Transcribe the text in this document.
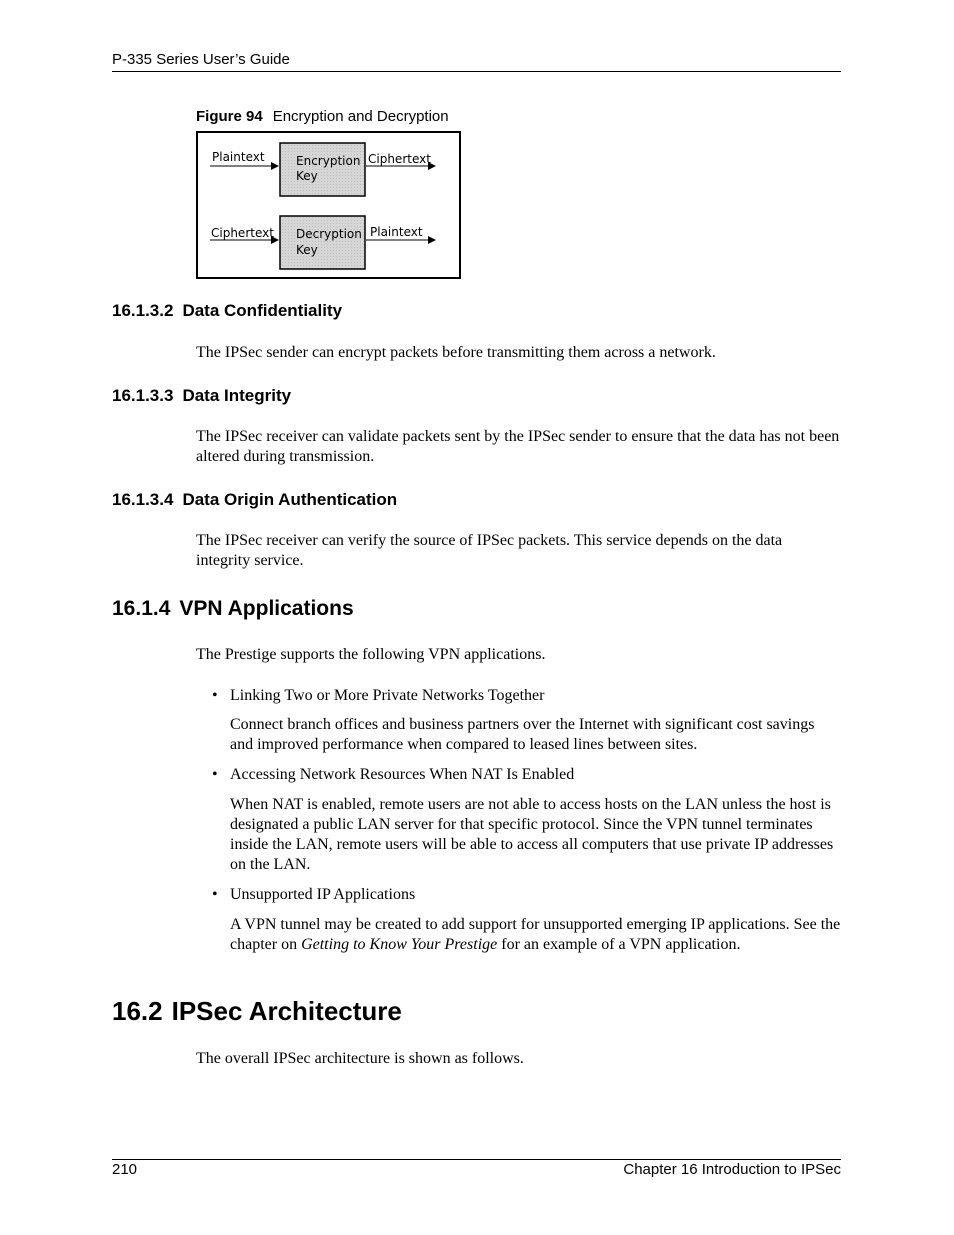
P-335 Series User’s Guide
Figure 94 Encryption and Decryption
Plaintext	Encryption
Key
Ciphertext
Ciphertext Decryption
Key
Plaintext
16.1.3.2 Data Confidentiality
The IPSec sender can encrypt packets before transmitting them across a network.
16.1.3.3 Data Integrity
The IPSec receiver can validate packets sent by the IPSec sender to ensure that the data has not been altered during transmission.
16.1.3.4 Data Origin Authentication
The IPSec receiver can verify the source of IPSec packets. This service depends on the data integrity service.
16.1.4 VPN Applications
The Prestige supports the following VPN applications.
• Linking Two or More Private Networks Together
Connect branch offices and business partners over the Internet with significant cost savings and improved performance when compared to leased lines between sites.
• Accessing Network Resources When NAT Is Enabled
When NAT is enabled, remote users are not able to access hosts on the LAN unless the host is designated a public LAN server for that specific protocol. Since the VPN tunnel terminates inside the LAN, remote users will be able to access all computers that use private IP addresses on the LAN.
• Unsupported IP Applications
A VPN tunnel may be created to add support for unsupported emerging IP applications. See the chapter on Getting to Know Your Prestige for an example of a VPN application.
16.2 IPSec Architecture
The overall IPSec architecture is shown as follows.
210	Chapter 16 Introduction to IPSec
